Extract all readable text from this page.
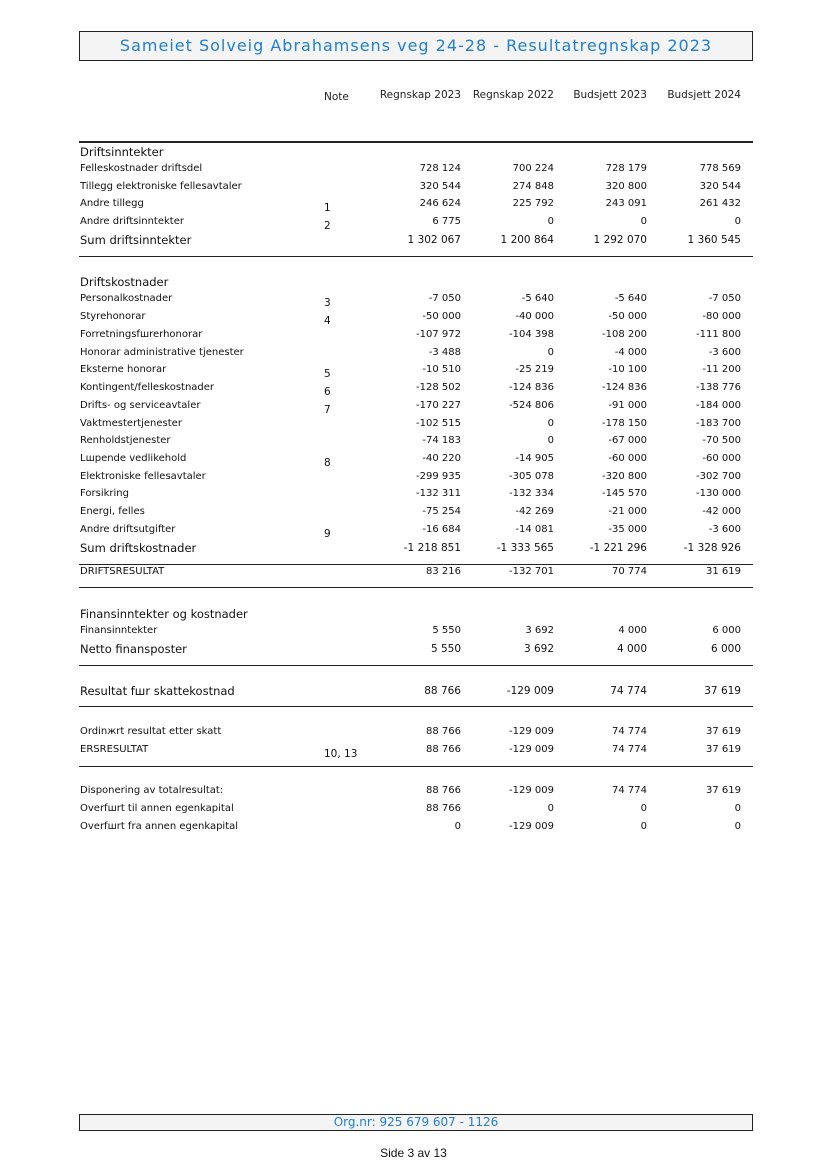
Sameiet Solveig Abrahamsens veg 24-28 - Resultatregnskap 2023
Note	Regnskap 2023	Regnskap 2022	Budsjett 2023	Budsjett 2024
Driftsinntekter
Felleskostnader driftsdel	728 124	700 224	728 179	778 569
Tillegg elektroniske fellesavtaler	320 544	274 848	320 800	320 544
Andre tillegg	1	246 624	225 792	243 091	261 432
Andre driftsinntekter	2	6 775	0	0	0
Sum driftsinntekter	1 302 067	1 200 864	1 292 070	1 360 545
Driftskostnader
Personalkostnader	3	-7 050	-5 640	-5 640	-7 050
Styrehonorar	4	-50 000	-40 000	-50 000	-80 000
Forretningsfшrerhonorar	-107 972	-104 398	-108 200	-111 800
Honorar administrative tjenester	-3 488	0	-4 000	-3 600
Eksterne honorar	5	-10 510	-25 219	-10 100	-11 200
Kontingent/felleskostnader	6	-128 502	-124 836	-124 836	-138 776
Drifts- og serviceavtaler	7	-170 227	-524 806	-91 000	-184 000
Vaktmestertjenester	-102 515	0	-178 150	-183 700
Renholdstjenester	-74 183	0	-67 000	-70 500
Lшpende vedlikehold	8	-40 220	-14 905	-60 000	-60 000
Elektroniske fellesavtaler	-299 935	-305 078	-320 800	-302 700
Forsikring	-132 311	-132 334	-145 570	-130 000
Energi, felles	-75 254	-42 269	-21 000	-42 000
Andre driftsutgifter	9	-16 684	-14 081	-35 000	-3 600
Sum driftskostnader	-1 218 851	-1 333 565	-1 221 296	-1 328 926
DRIFTSRESULTAT	83 216	-132 701	70 774	31 619
Finansinntekter og kostnader
Finansinntekter	5 550	3 692	4 000	6 000
Netto finansposter	5 550	3 692	4 000	6 000
Resultat fшr skattekostnad	88 766	-129 009	74 774	37 619
Ordinжrt resultat etter skatt	88 766	-129 009	74 774	37 619
ЕRSRESULTAT	10, 13	88 766	-129 009	74 774	37 619
Disponering av totalresultat:	88 766	-129 009	74 774	37 619
Overfшrt til annen egenkapital	88 766	0	0	0
Overfшrt fra annen egenkapital	0	-129 009	0	0
Org.nr: 925 679 607 - 1126
Side 3 av 13
